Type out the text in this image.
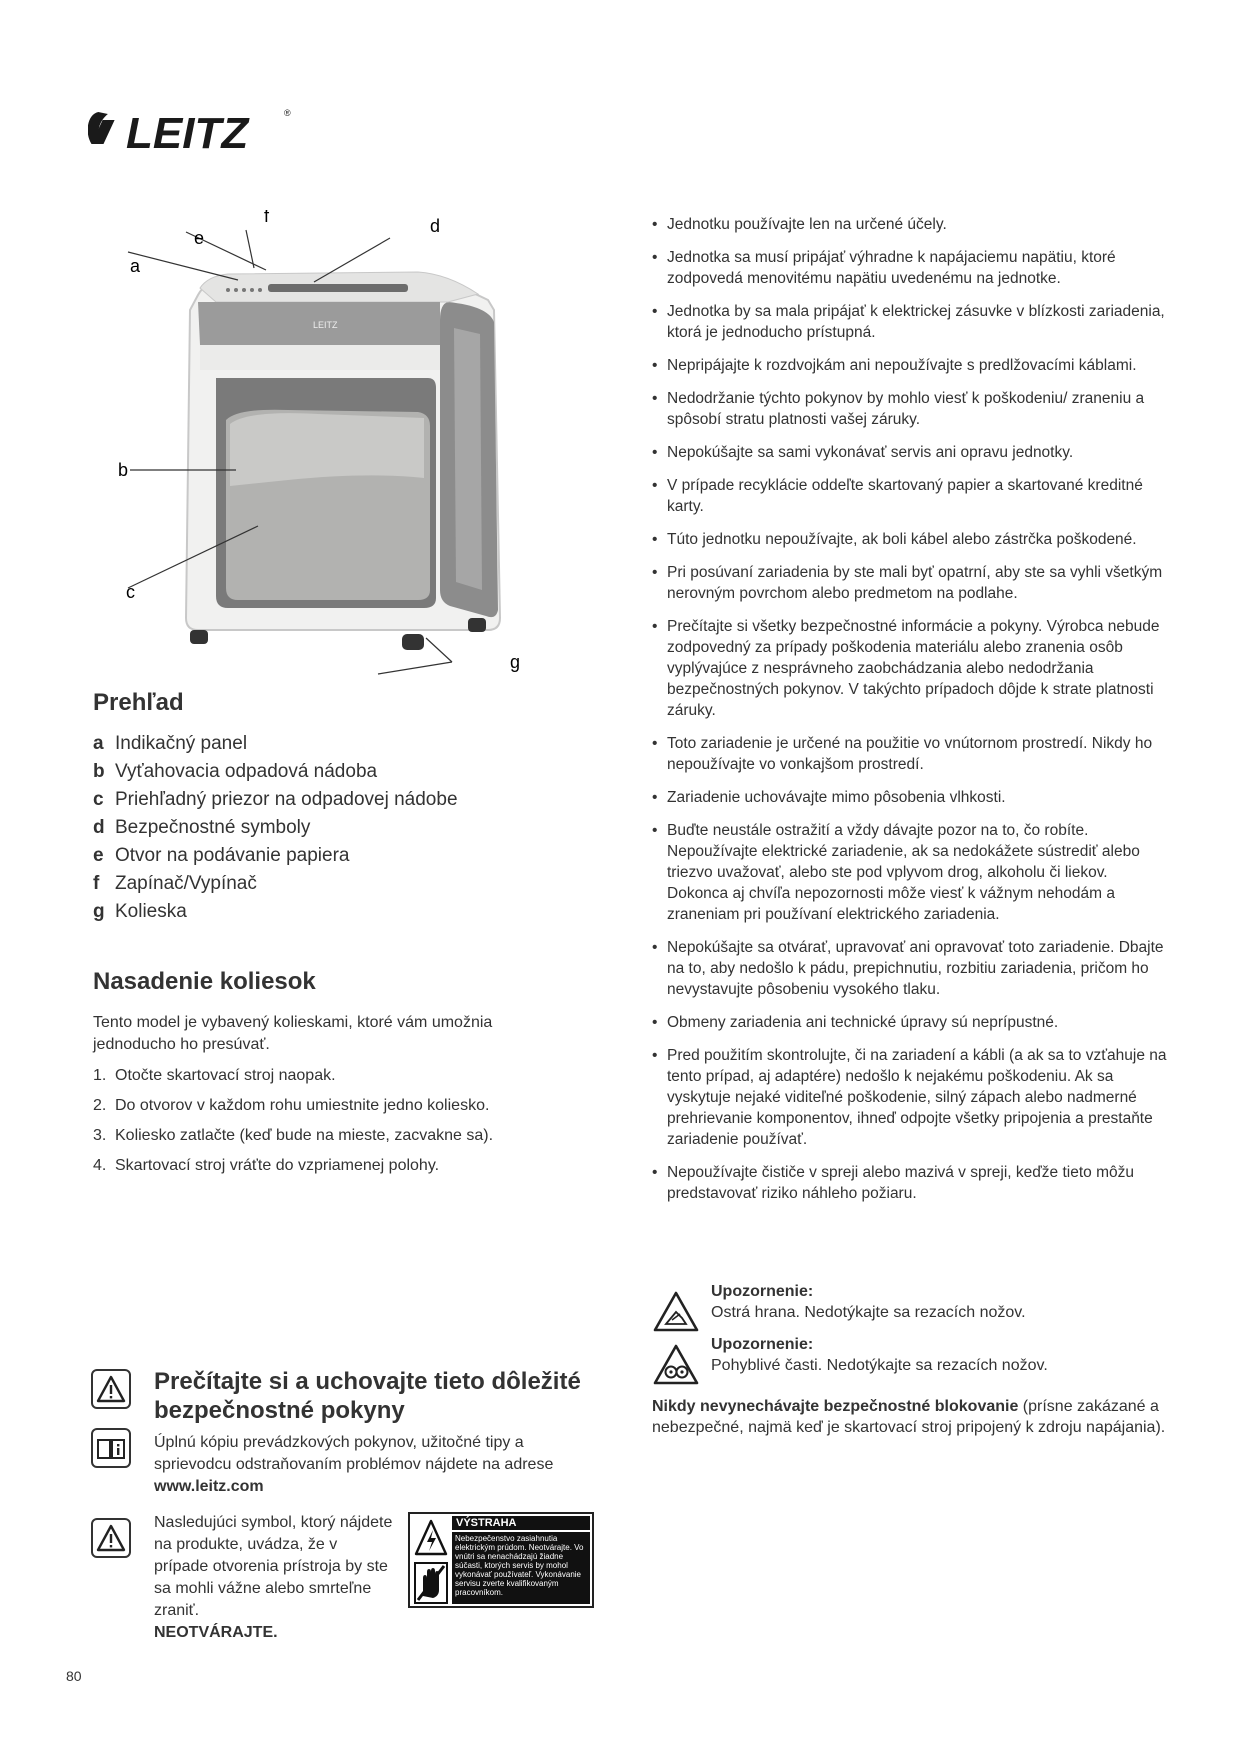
LEITZ	®
LEITZ
a
b
c
d
e
f
g
Prehľad
a Indikačný panel
b Vyťahovacia odpadová nádoba
c Priehľadný priezor na odpadovej nádobe
d Bezpečnostné symboly
e Otvor na podávanie papiera
f Zapínač/Vypínač
g Kolieska
Nasadenie koliesok

Tento model je vybavený kolieskami, ktoré vám umožnia jednoducho ho presúvať.

1. Otočte skartovací stroj naopak.
2. Do otvorov v každom rohu umiestnite jedno koliesko.
3. Koliesko zatlačte (keď bude na mieste, zacvakne sa).
4. Skartovací stroj vráťte do vzpriamenej polohy.
Prečítajte si a uchovajte tieto dôležité bezpečnostné pokyny

Úplnú kópiu prevádzkových pokynov, užitočné tipy a sprievodcu odstraňovaním problémov nájdete na adrese
www.leitz.com

Nasledujúci symbol, ktorý nájdete na produkte, uvádza, že v prípade otvorenia prístroja by ste sa mohli vážne alebo smrteľne zraniť.
NEOTVÁRAJTE.

VÝSTRAHA
Nebezpečenstvo zasiahnutia elektrickým prúdom. Neotvárajte. Vo vnútri sa nenachádzajú žiadne súčasti, ktorých servis by mohol vykonávať používateľ. Vykonávanie servisu zverte kvalifikovaným pracovníkom.
80
• Jednotku používajte len na určené účely.
• Jednotka sa musí pripájať výhradne k napájaciemu napätiu, ktoré zodpovedá menovitému napätiu uvedenému na jednotke.
• Jednotka by sa mala pripájať k elektrickej zásuvke v blízkosti zariadenia, ktorá je jednoducho prístupná.
• Nepripájajte k rozdvojkám ani nepoužívajte s predlžovacími káblami.
• Nedodržanie týchto pokynov by mohlo viesť k poškodeniu/ zraneniu a spôsobí stratu platnosti vašej záruky.
• Nepokúšajte sa sami vykonávať servis ani opravu jednotky.
• V prípade recyklácie oddeľte skartovaný papier a skartované kreditné karty.
• Túto jednotku nepoužívajte, ak boli kábel alebo zástrčka poškodené.
• Pri posúvaní zariadenia by ste mali byť opatrní, aby ste sa vyhli všetkým nerovným povrchom alebo predmetom na podlahe.
• Prečítajte si všetky bezpečnostné informácie a pokyny. Výrobca nebude zodpovedný za prípady poškodenia materiálu alebo zranenia osôb vyplývajúce z nesprávneho zaobchádzania alebo nedodržania bezpečnostných pokynov. V takýchto prípadoch dôjde k strate platnosti záruky.
• Toto zariadenie je určené na použitie vo vnútornom prostredí. Nikdy ho nepoužívajte vo vonkajšom prostredí.
• Zariadenie uchovávajte mimo pôsobenia vlhkosti.
• Buďte neustále ostražití a vždy dávajte pozor na to, čo robíte. Nepoužívajte elektrické zariadenie, ak sa nedokážete sústrediť alebo triezvo uvažovať, alebo ste pod vplyvom drog, alkoholu či liekov. Dokonca aj chvíľa nepozornosti môže viesť k vážnym nehodám a zraneniam pri používaní elektrického zariadenia.
• Nepokúšajte sa otvárať, upravovať ani opravovať toto zariadenie. Dbajte na to, aby nedošlo k pádu, prepichnutiu, rozbitiu zariadenia, pričom ho nevystavujte pôsobeniu vysokého tlaku.
• Obmeny zariadenia ani technické úpravy sú neprípustné.
• Pred použitím skontrolujte, či na zariadení a kábli (a ak sa to vzťahuje na tento prípad, aj adaptére) nedošlo k nejakému poškodeniu. Ak sa vyskytuje nejaké viditeľné poškodenie, silný zápach alebo nadmerné prehrievanie komponentov, ihneď odpojte všetky pripojenia a prestaňte zariadenie používať.
• Nepoužívajte čističe v spreji alebo mazivá v spreji, keďže tieto môžu predstavovať riziko náhleho požiaru.
Upozornenie:
Ostrá hrana. Nedotýkajte sa rezacích nožov.
Upozornenie:
Pohyblivé časti. Nedotýkajte sa rezacích nožov.

Nikdy nevynechávajte bezpečnostné blokovanie (prísne zakázané a nebezpečné, najmä keď je skartovací stroj pripojený k zdroju napájania).
